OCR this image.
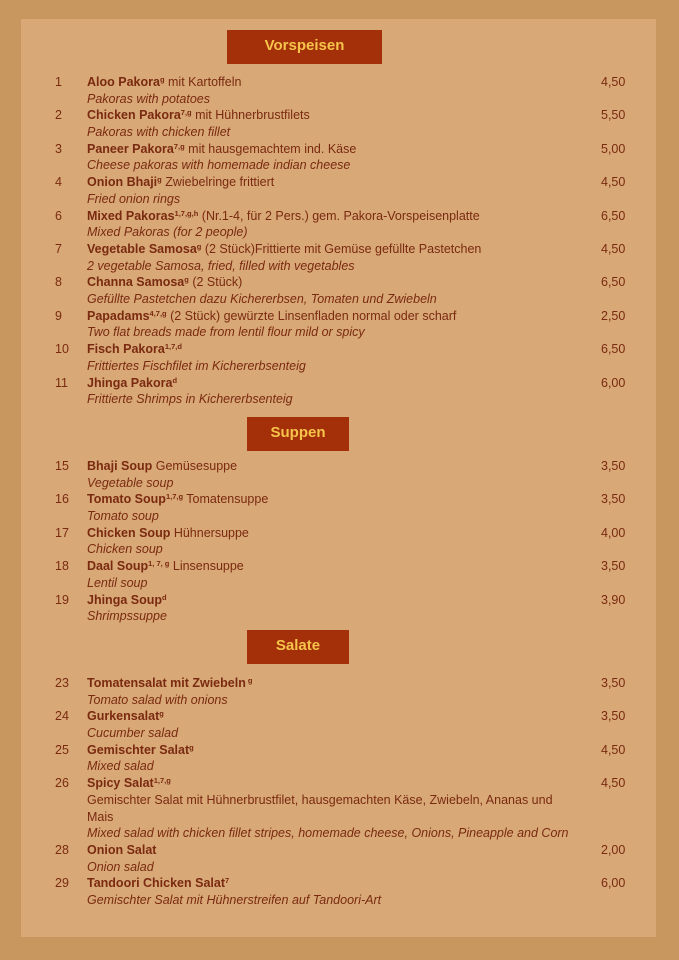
Vorspeisen
1 Aloo Pakora$^g$ mit Kartoffeln
Pakoras with potatoes
4,50
2 Chicken Pakora$^{7,g}$ mit Hühnerbrustfilets
Pakoras with chicken fillet
5,50
3 Paneer Pakora$^{7,g}$ mit hausgemachtem ind. Käse
Cheese pakoras with homemade indian cheese
5,00
4 Onion Bhaji$^g$ Zwiebelringe frittiert
Fried onion rings
4,50
6 Mixed Pakoras$^{1,7,g,h}$ (Nr.1-4, für 2 Pers.) gem. Pakora-Vorspeisenplatte
Mixed Pakoras (for 2 people)
6,50
7 Vegetable Samosa$^g$ (2 Stück)Frittierte mit Gemüse gefüllte Pastetchen
2 vegetable Samosa, fried, filled with vegetables
4,50
8 Channa Samosa$^g$ (2 Stück)
Gefüllte Pastetchen dazu Kichererbsen, Tomaten und Zwiebeln
6,50
9 Papadams$^{4,7,g}$ (2 Stück) gewürzte Linsenfladen normal oder scharf
Two flat breads made from lentil flour mild or spicy
2,50
10 Fisch Pakora$^{1,7,d}$
Frittiertes Fischfilet im Kichererbsenteig
6,50
11 Jhinga Pakora$^d$
Frittierte Shrimps in Kichererbsenteig
6,00
Suppen
15 Bhaji Soup Gemüsesuppe
Vegetable soup
3,50
16 Tomato Soup$^{1,7,g}$ Tomatensuppe
Tomato soup
3,50
17 Chicken Soup Hühnersuppe
Chicken soup
4,00
18 Daal Soup$^{1, 7, g}$ Linsensuppe
Lentil soup
3,50
19 Jhinga Soup$^d$
Shrimpssuppe
3,90
Salate
23 Tomatensalat mit Zwiebeln $^g$
Tomato salad with onions
3,50
24 Gurkensalat$^g$
Cucumber salad
3,50
25 Gemischter Salat$^g$
Mixed salad
4,50
26 Spicy Salat$^{1,7,g}$
Gemischter Salat mit Hühnerbrustfilet, hausgemachten Käse, Zwiebeln, Ananas und Mais
Mixed salad with chicken fillet stripes, homemade cheese, Onions, Pineapple and Corn
4,50
28 Onion Salat
Onion salad
2,00
29 Tandoori Chicken Salat$^7$
Gemischter Salat mit Hühnerstreifen auf Tandoori-Art
6,00
